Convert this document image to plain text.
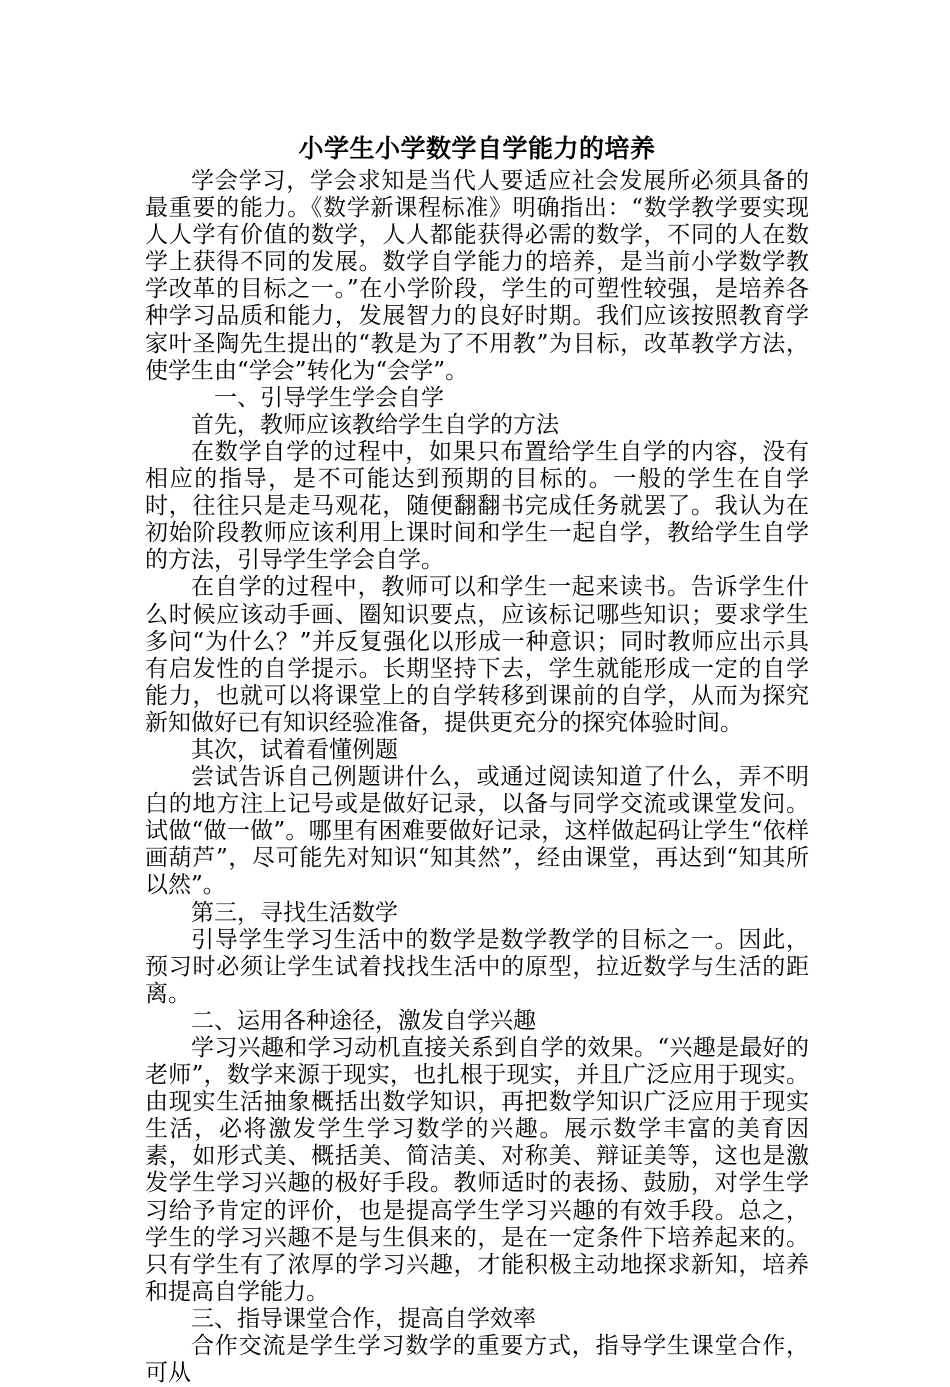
小学生小学数学自学能力的培养

学会学习，学会求知是当代人要适应社会发展所必须具备的最重要的能力。《数学新课程标准》明确指出：“数学教学要实现人人学有价值的数学，人人都能获得必需的数学，不同的人在数学上获得不同的发展。数学自学能力的培养，是当前小学数学教学改革的目标之一。”在小学阶段，学生的可塑性较强，是培养各种学习品质和能力，发展智力的良好时期。我们应该按照教育学家叶圣陶先生提出的“教是为了不用教”为目标，改革教学方法，使学生由“学会”转化为“会学”。

一、引导学生学会自学

首先，教师应该教给学生自学的方法

在数学自学的过程中，如果只布置给学生自学的内容，没有相应的指导，是不可能达到预期的目标的。一般的学生在自学时，往往只是走马观花，随便翻翻书完成任务就罢了。我认为在初始阶段教师应该利用上课时间和学生一起自学，教给学生自学的方法，引导学生学会自学。

在自学的过程中，教师可以和学生一起来读书。告诉学生什么时候应该动手画、圈知识要点，应该标记哪些知识；要求学生多问“为什么？”并反复强化以形成一种意识；同时教师应出示具有启发性的自学提示。长期坚持下去，学生就能形成一定的自学能力，也就可以将课堂上的自学转移到课前的自学，从而为探究新知做好已有知识经验准备，提供更充分的探究体验时间。

其次，试着看懂例题

尝试告诉自己例题讲什么，或通过阅读知道了什么，弄不明白的地方注上记号或是做好记录，以备与同学交流或课堂发问。试做“做一做”。哪里有困难要做好记录，这样做起码让学生“依样画葫芦”，尽可能先对知识“知其然”，经由课堂，再达到“知其所以然”。

第三，寻找生活数学

引导学生学习生活中的数学是数学教学的目标之一。因此，预习时必须让学生试着找找生活中的原型，拉近数学与生活的距离。

二、运用各种途径，激发自学兴趣

学习兴趣和学习动机直接关系到自学的效果。“兴趣是最好的老师”，数学来源于现实，也扎根于现实，并且广泛应用于现实。由现实生活抽象概括出数学知识，再把数学知识广泛应用于现实生活，必将激发学生学习数学的兴趣。展示数学丰富的美育因素，如形式美、概括美、简洁美、对称美、辩证美等，这也是激发学生学习兴趣的极好手段。教师适时的表扬、鼓励，对学生学习给予肯定的评价，也是提高学生学习兴趣的有效手段。总之，学生的学习兴趣不是与生俱来的，是在一定条件下培养起来的。只有学生有了浓厚的学习兴趣，才能积极主动地探求新知，培养和提高自学能力。

三、指导课堂合作，提高自学效率

合作交流是学生学习数学的重要方式，指导学生课堂合作，可从
